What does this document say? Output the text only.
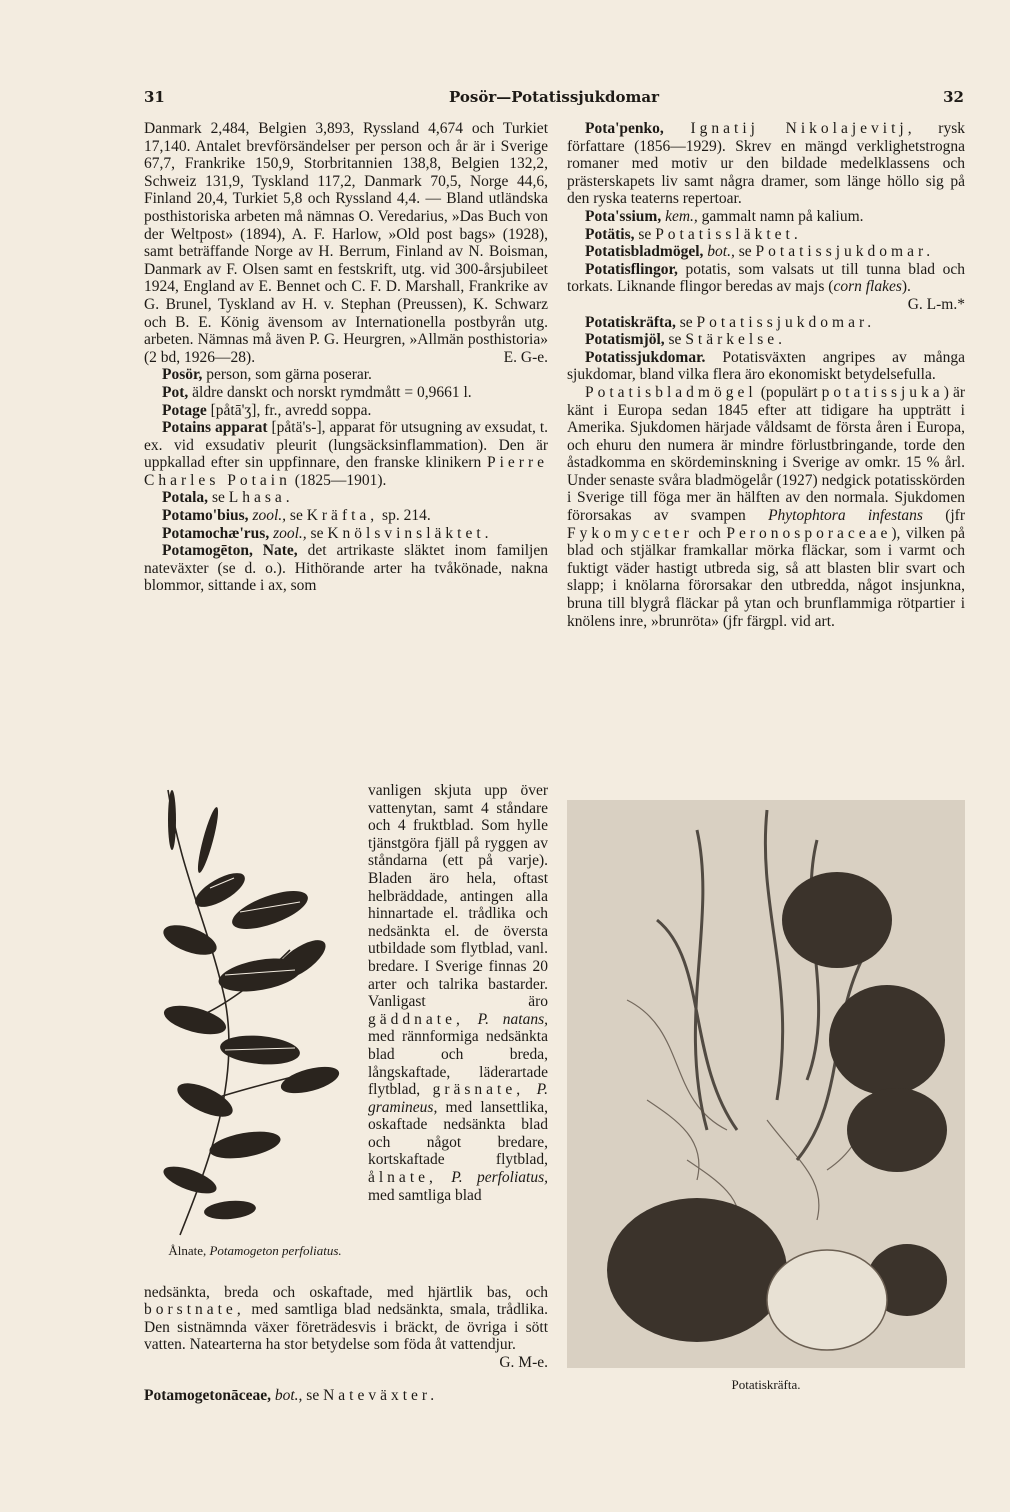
31	Posör—Potatissjukdomar	32

Danmark 2,484, Belgien 3,893, Ryssland 4,674 och Turkiet 17,140. Antalet brevförsändelser per person och år är i Sverige 67,7, Frankrike 150,9, Storbritannien 138,8, Belgien 132,2, Schweiz 131,9, Tyskland 117,2, Danmark 70,5, Norge 44,6, Finland 20,4, Turkiet 5,8 och Ryssland 4,4. — Bland utländska posthistoriska arbeten må nämnas O. Veredarius, »Das Buch von der Weltpost» (1894), A. F. Harlow, »Old post bags» (1928), samt beträffande Norge av H. Berrum, Finland av N. Boisman, Danmark av F. Olsen samt en festskrift, utg. vid 300-årsjubileet 1924, England av E. Bennet och C. F. D. Marshall, Frankrike av G. Brunel, Tyskland av H. v. Stephan (Preussen), K. Schwarz och B. E. König ävensom av Internationella postbyrån utg. arbeten. Nämnas må även P. G. Heurgren, »Allmän posthistoria» (2 bd, 1926—28).	E. G-e.

Posör, person, som gärna poserar.

Pot, äldre danskt och norskt rymdmått = 0,9661 l.

Potage [påtā'ʒ], fr., avredd soppa.

Potains apparat [påtä's-], apparat för utsugning av exsudat, t. ex. vid exsudativ pleurit (lungsäcksinflammation). Den är uppkallad efter sin uppfinnare, den franske klinikern Pierre Charles Potain (1825—1901).

Potala, se Lhasa.

Potamo'bius, zool., se Kräfta, sp. 214.

Potamochæ'rus, zool., se Knölsvinsläktet.

Potamogēton, Nate, det artrikaste släktet inom familjen nateväxter (se d. o.). Hithörande arter ha tvåkönade, nakna blommor, sittande i ax, som

Ålnate, Potamogeton perfoliatus.
vanligen skjuta upp över vattenytan, samt 4 ståndare och 4 fruktblad. Som hylle tjänstgöra fjäll på ryggen av ståndarna (ett på varje). Bladen äro hela, oftast helbräddade, antingen alla hinnartade el. trådlika och nedsänkta el. de översta utbildade som flytblad, vanl. bredare. I Sverige finnas 20 arter och talrika bastarder. Vanligast äro gäddnate, P. natans, med rännformiga nedsänkta blad och breda, långskaftade, läderartade flytblad, gräsnate, P. gramineus, med lansettlika, oskaftade nedsänkta blad och något bredare, kortskaftade flytblad, ålnate, P. perfoliatus, med samtliga blad

nedsänkta, breda och oskaftade, med hjärtlik bas, och borstnate, med samtliga blad nedsänkta, smala, trådlika. Den sistnämnda växer företrädesvis i bräckt, de övriga i sött vatten. Natearterna ha stor betydelse som föda åt vattendjur.
G. M-e.

Potamogetonāceae, bot., se Nateväxter.

Pota'penko, Ignatij Nikolajevitj, rysk författare (1856—1929). Skrev en mängd verklighetstrogna romaner med motiv ur den bildade medelklassens och prästerskapets liv samt några dramer, som länge höllo sig på den ryska teaterns repertoar.

Pota'ssium, kem., gammalt namn på kalium.

Potätis, se Potatissläktet.

Potatisbladmögel, bot., se Potatissjukdomar.

Potatisflingor, potatis, som valsats ut till tunna blad och torkats. Liknande flingor beredas av majs (corn flakes).
G. L-m.*

Potatiskräfta, se Potatissjukdomar.

Potatismjöl, se Stärkelse.

Potatissjukdomar. Potatisväxten angripes av många sjukdomar, bland vilka flera äro ekonomiskt betydelsefulla.

Potatisbladmögel (populärt potatissjuka) är känt i Europa sedan 1845 efter att tidigare ha uppträtt i Amerika. Sjukdomen härjade våldsamt de första åren i Europa, och ehuru den numera är mindre förlustbringande, torde den åstadkomma en skördeminskning i Sverige av omkr. 15 % årl. Under senaste svåra bladmögelår (1927) nedgick potatisskörden i Sverige till föga mer än hälften av den normala. Sjukdomen förorsakas av svampen Phytophtora infestans (jfr Fykomyceter och Peronosporaceae), vilken på blad och stjälkar framkallar mörka fläckar, som i varmt och fuktigt väder hastigt utbreda sig, så att blasten blir svart och slapp; i knölarna förorsakar den utbredda, något insjunkna, bruna till blygrå fläckar på ytan och brunflammiga rötpartier i knölens inre, »brunröta» (jfr färgpl. vid art.

Potatiskräfta.
